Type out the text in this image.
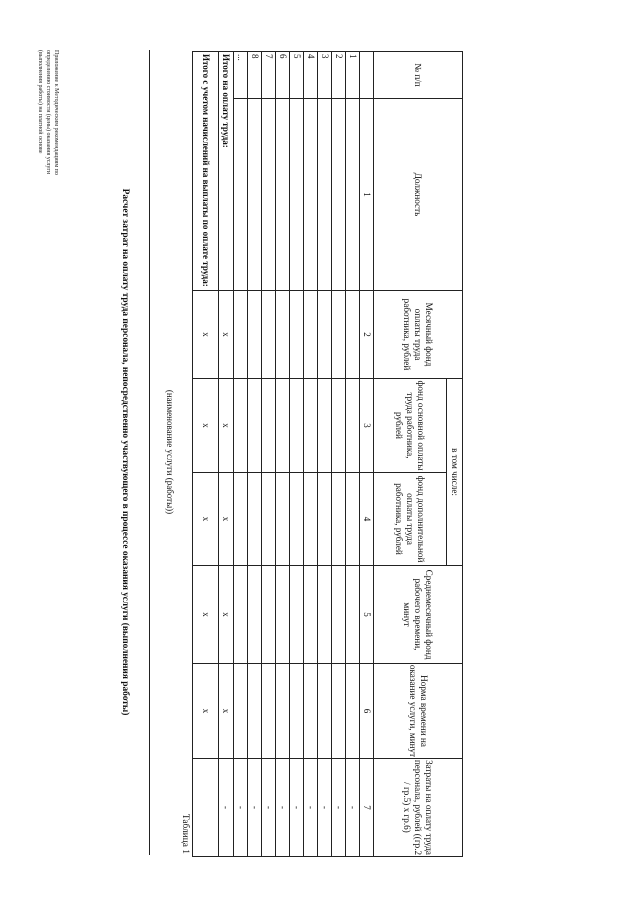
Приложение к Методическим рекомендациям по
определению стоимости (цены) оказания услуги
(выполнения работы) на платной основе
Расчет затрат на оплату труда персонала, непосредственно участвующего в процессе оказания услуги (выполнения работы)	(наименование услуги (работы))
Таблица 1
№ п/п	Должность	Месячный фонд оплаты труда работника, рублей	в том числе:		Среднемесячный фонд рабочего времени, минут	Норма времени на оказание услуги, минут	Затраты на оплату труда персонала, рублей ((гр.2 / гр.5) х гр.6)
			фонд основной оплаты труда работника, рублей	фонд дополнительной оплаты труда работника, рублей			
	1	2	3	4	5	6	7
1							-
2							-
3							-
4							-
5							-
6							-
7							-
8							-
...							-
Итого на оплату труда:		х	х	х	х	х	-
Итого с учетом начислений на выплаты по оплате труда:		х	х	х	х	х	
